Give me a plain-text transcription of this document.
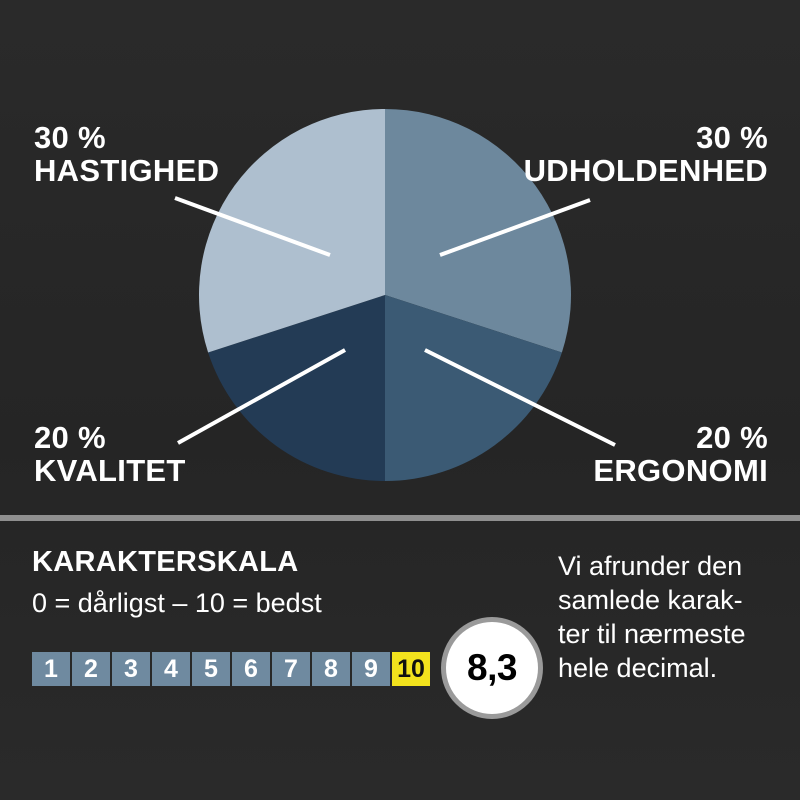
30 %
UDHOLDENHED
20 %
ERGONOMI
20 %
KVALITET
30 %
HASTIGHED
KARAKTERSKALA
0 = dårligst – 10 = bedst
1	2	3	4	5	6	7	8	9 10 8,3
Vi afrunder den
samlede karak-
ter til nærmeste
hele decimal.
